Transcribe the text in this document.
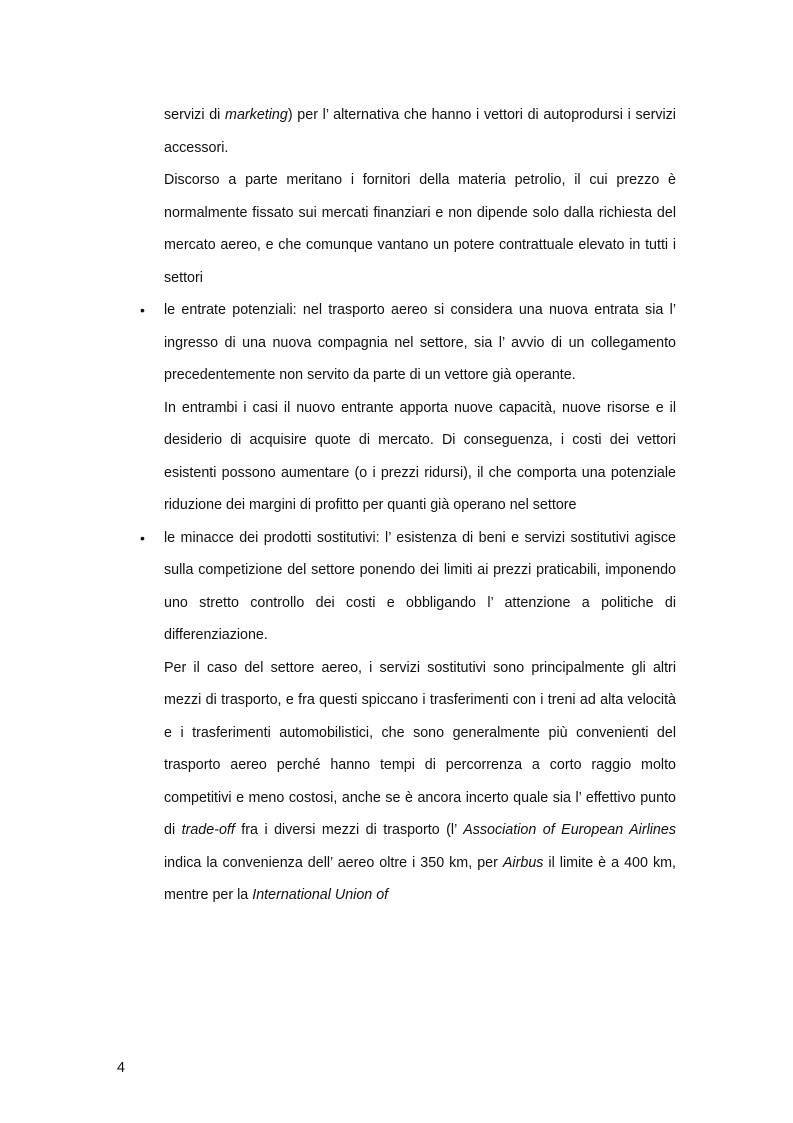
servizi di marketing) per l’ alternativa che hanno i vettori di autoprodursi i servizi accessori.

Discorso a parte meritano i fornitori della materia petrolio, il cui prezzo è normalmente fissato sui mercati finanziari e non dipende solo dalla richiesta del mercato aereo, e che comunque vantano un potere contrattuale elevato in tutti i settori

• le entrate potenziali: nel trasporto aereo si considera una nuova entrata sia l’ ingresso di una nuova compagnia nel settore, sia l’ avvio di un collegamento precedentemente non servito da parte di un vettore già operante.

In entrambi i casi il nuovo entrante apporta nuove capacità, nuove risorse e il desiderio di acquisire quote di mercato. Di conseguenza, i costi dei vettori esistenti possono aumentare (o i prezzi ridursi), il che comporta una potenziale riduzione dei margini di profitto per quanti già operano nel settore

• le minacce dei prodotti sostitutivi: l’ esistenza di beni e servizi sostitutivi agisce sulla competizione del settore ponendo dei limiti ai prezzi praticabili, imponendo uno stretto controllo dei costi e obbligando l’ attenzione a politiche di differenziazione.

Per il caso del settore aereo, i servizi sostitutivi sono principalmente gli altri mezzi di trasporto, e fra questi spiccano i trasferimenti con i treni ad alta velocità e i trasferimenti automobilistici, che sono generalmente più convenienti del trasporto aereo perché hanno tempi di percorrenza a corto raggio molto competitivi e meno costosi, anche se è ancora incerto quale sia l’ effettivo punto di trade-off fra i diversi mezzi di trasporto (l’ Association of European Airlines indica la convenienza dell’ aereo oltre i 350 km, per Airbus il limite è a 400 km, mentre per la International Union of

4
